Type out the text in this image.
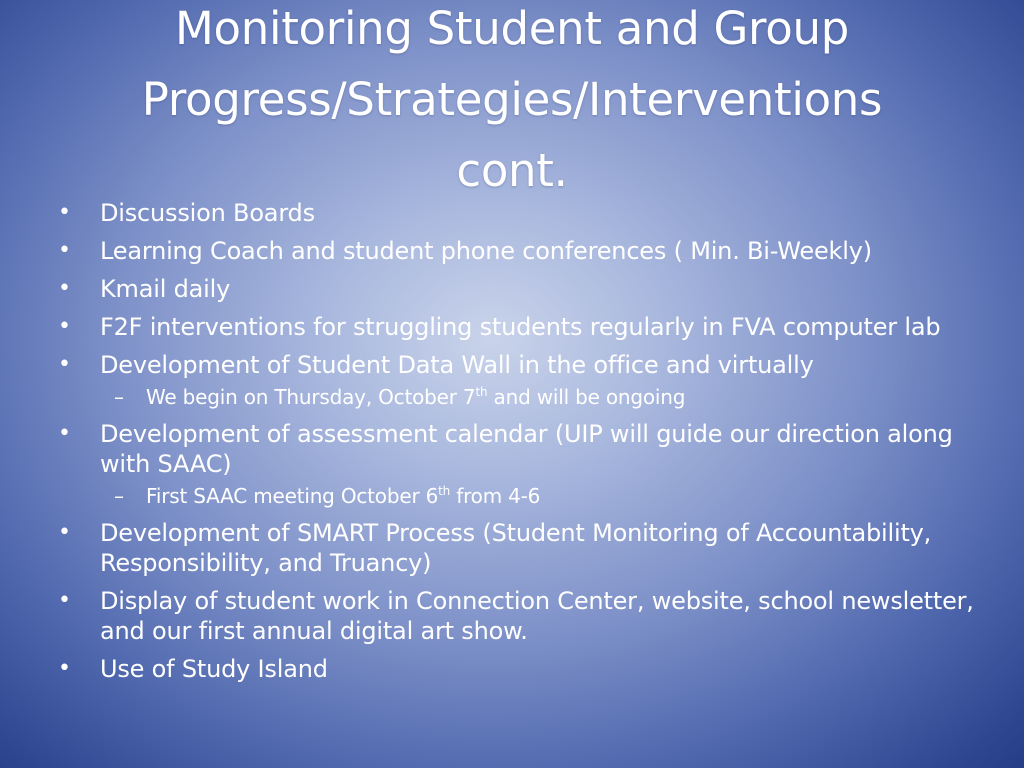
Monitoring Student and Group
Progress/Strategies/Interventions
cont.
•	Discussion Boards
•	Learning Coach and student phone conferences ( Min. Bi-Weekly)
•	Kmail daily
•	F2F interventions for struggling students regularly in FVA computer lab
•	Development of Student Data Wall in the office and virtually
– We begin on Thursday, October 7th and will be ongoing
•	Development of assessment calendar (UIP will guide our direction along with SAAC)
– First SAAC meeting October 6th from 4-6
•	Development of SMART Process (Student Monitoring of Accountability, Responsibility, and Truancy)
•	Display of student work in Connection Center, website, school newsletter, and our first annual digital art show.
•	Use of Study Island
